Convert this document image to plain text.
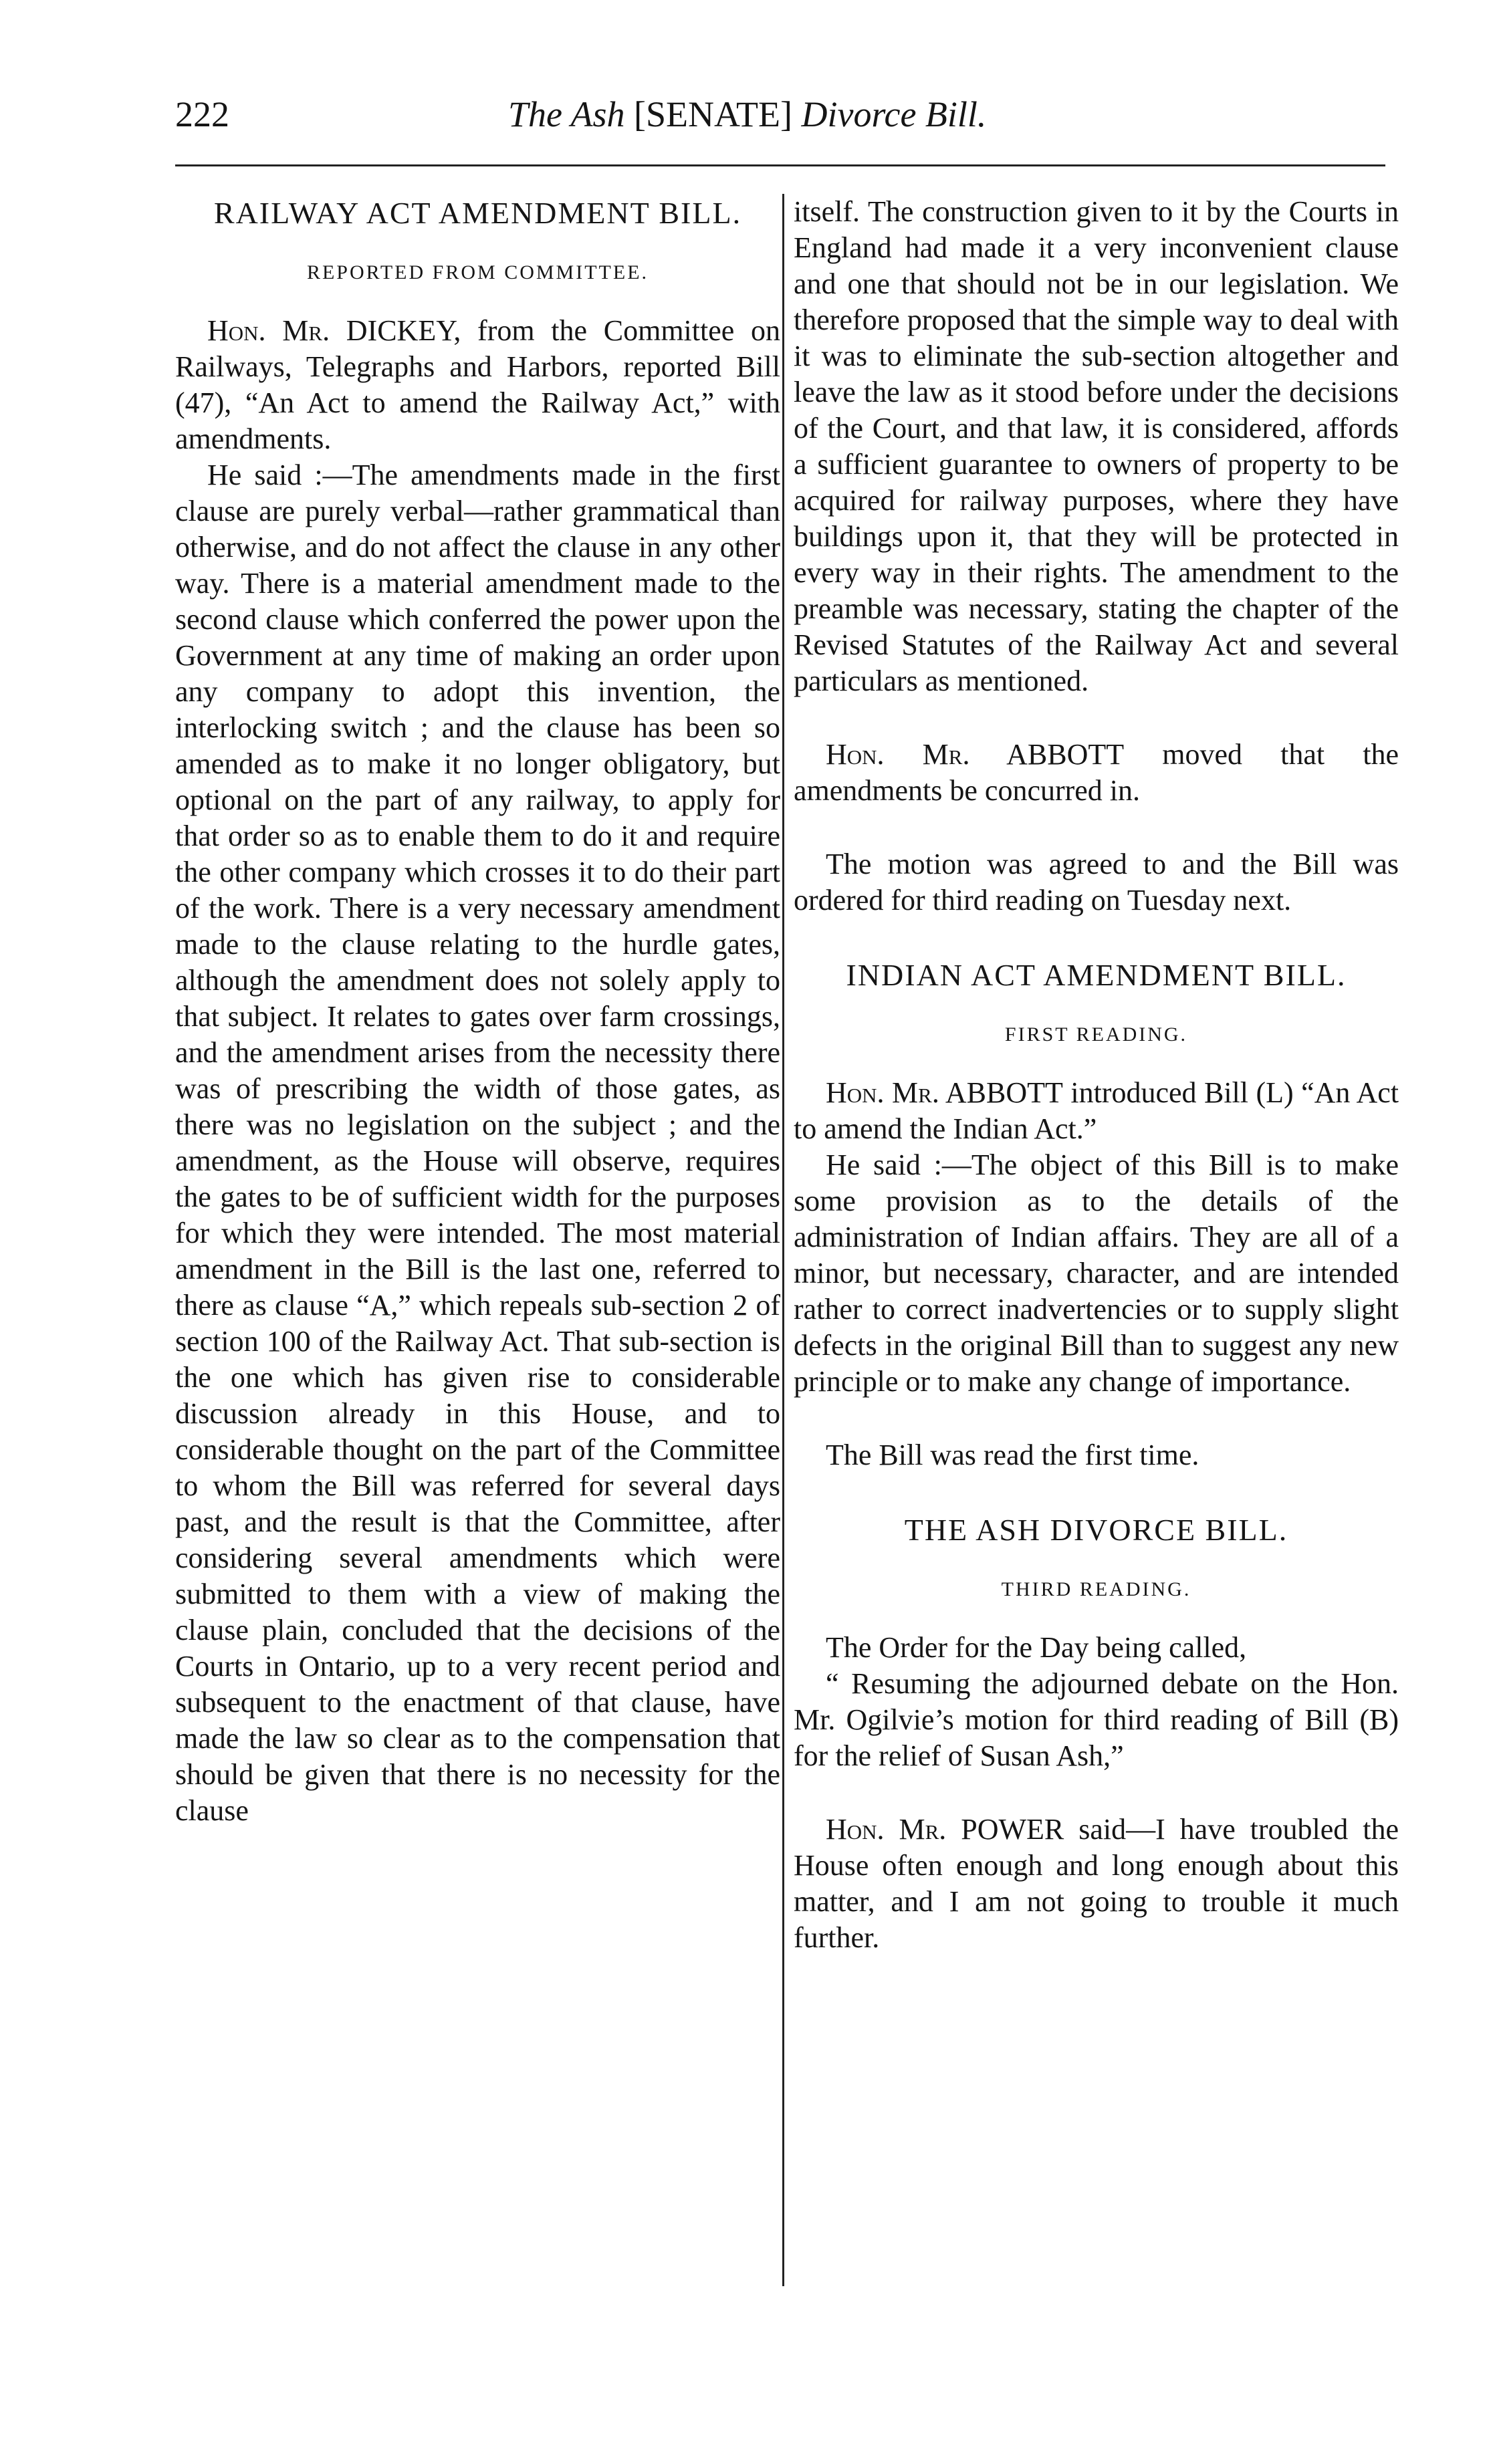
222	The Ash [SENATE] Divorce Bill.
RAILWAY ACT AMENDMENT BILL.
REPORTED FROM COMMITTEE.

Hon. Mr. DICKEY, from the Committee on Railways, Telegraphs and Harbors, reported Bill (47), “An Act to amend the Railway Act,” with amendments.

He said :—The amendments made in the first clause are purely verbal—rather grammatical than otherwise, and do not affect the clause in any other way. There is a material amendment made to the second clause which conferred the power upon the Government at any time of making an order upon any company to adopt this invention, the interlocking switch ; and the clause has been so amended as to make it no longer obligatory, but optional on the part of any railway, to apply for that order so as to enable them to do it and require the other company which crosses it to do their part of the work. There is a very necessary amendment made to the clause relating to the hurdle gates, although the amendment does not solely apply to that subject. It relates to gates over farm crossings, and the amendment arises from the necessity there was of prescribing the width of those gates, as there was no legislation on the subject ; and the amendment, as the House will observe, requires the gates to be of sufficient width for the purposes for which they were intended. The most material amendment in the Bill is the last one, referred to there as clause “A,” which repeals sub-section 2 of section 100 of the Railway Act. That sub-section is the one which has given rise to considerable discussion already in this House, and to considerable thought on the part of the Committee to whom the Bill was referred for several days past, and the result is that the Committee, after considering several amendments which were submitted to them with a view of making the clause plain, concluded that the decisions of the Courts in Ontario, up to a very recent period and subsequent to the enactment of that clause, have made the law so clear as to the compensation that should be given that there is no necessity for the clause

itself. The construction given to it by the Courts in England had made it a very inconvenient clause and one that should not be in our legislation. We therefore proposed that the simple way to deal with it was to eliminate the sub-section altogether and leave the law as it stood before under the decisions of the Court, and that law, it is considered, affords a sufficient guarantee to owners of property to be acquired for railway purposes, where they have buildings upon it, that they will be protected in every way in their rights. The amendment to the preamble was necessary, stating the chapter of the Revised Statutes of the Railway Act and several particulars as mentioned.

Hon. Mr. ABBOTT moved that the amendments be concurred in.

The motion was agreed to and the Bill was ordered for third reading on Tuesday next.

INDIAN ACT AMENDMENT BILL.
FIRST READING.

Hon. Mr. ABBOTT introduced Bill (L) “An Act to amend the Indian Act.”

He said :—The object of this Bill is to make some provision as to the details of the administration of Indian affairs. They are all of a minor, but necessary, character, and are intended rather to correct inadvertencies or to supply slight defects in the original Bill than to suggest any new principle or to make any change of importance.

The Bill was read the first time.

THE ASH DIVORCE BILL.
THIRD READING.

The Order for the Day being called,

“ Resuming the adjourned debate on the Hon. Mr. Ogilvie’s motion for third reading of Bill (B) for the relief of Susan Ash,”

Hon. Mr. POWER said—I have troubled the House often enough and long enough about this matter, and I am not going to trouble it much further.
